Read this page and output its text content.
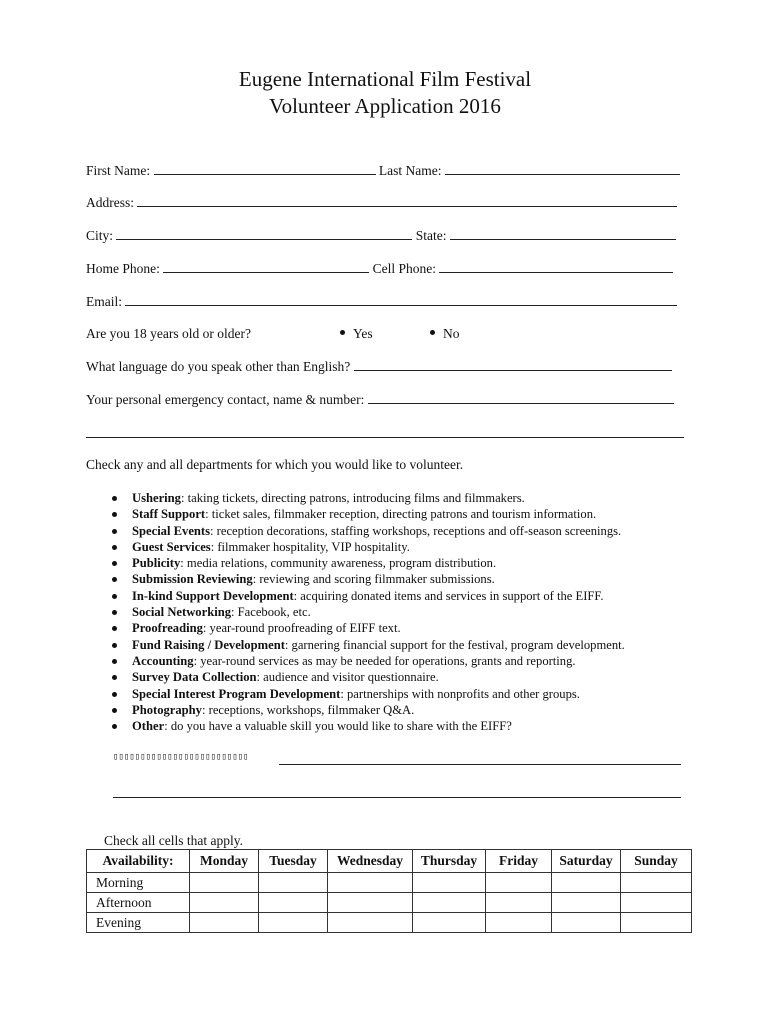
Eugene International Film Festival
Volunteer Application 2016
First Name:	Last Name:
Address:
City:	State:
Home Phone:	Cell Phone:
Email:
Are you 18 years old or older?	Yes	No
What language do you speak other than English?
Your personal emergency contact, name & number:
Check any and all departments for which you would like to volunteer.
Ushering: taking tickets, directing patrons, introducing films and filmmakers.
Staff Support: ticket sales, filmmaker reception, directing patrons and tourism information.
Special Events: reception decorations, staffing workshops, receptions and off-season screenings.
Guest Services: filmmaker hospitality, VIP hospitality.
Publicity: media relations, community awareness, program distribution.
Submission Reviewing: reviewing and scoring filmmaker submissions.
In-kind Support Development: acquiring donated items and services in support of the EIFF.
Social Networking: Facebook, etc.
Proofreading: year-round proofreading of EIFF text.
Fund Raising / Development: garnering financial support for the festival, program development.
Accounting: year-round services as may be needed for operations, grants and reporting.
Survey Data Collection: audience and visitor questionnaire.
Special Interest Program Development: partnerships with nonprofits and other groups.
Photography: receptions, workshops, filmmaker Q&A.
Other: do you have a valuable skill you would like to share with the EIFF?
▯▯▯▯▯▯▯▯▯▯▯▯▯▯▯▯▯▯▯▯▯▯▯▯▯
Check all cells that apply.
Availability:	Monday	Tuesday	Wednesday	Thursday	Friday	Saturday	Sunday
Morning							
Afternoon							
Evening							
